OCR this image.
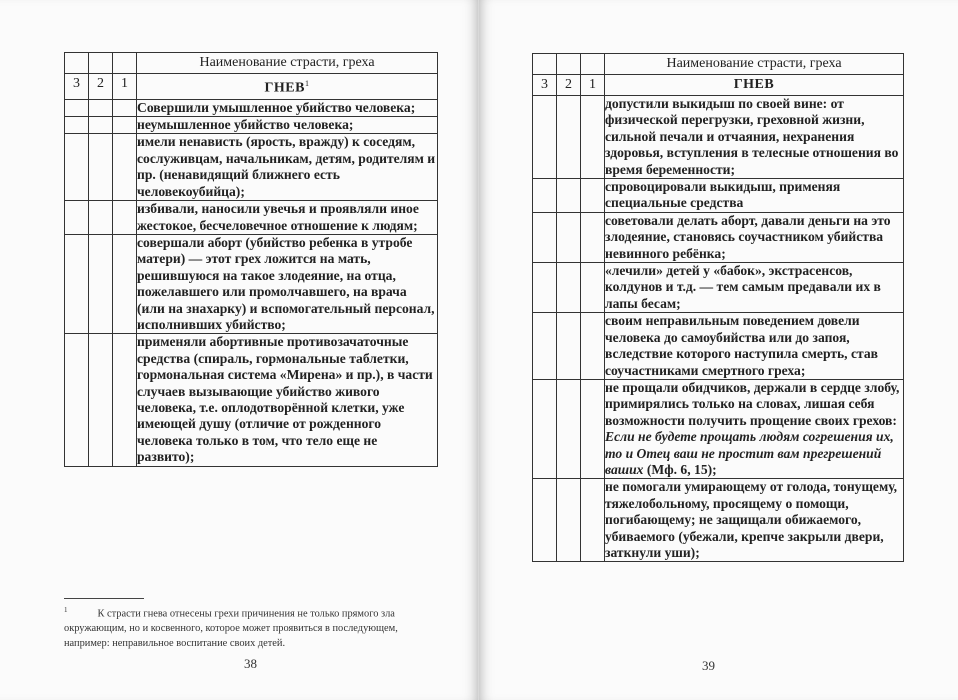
			Наименование страсти, греха
3	2	1	ГНЕВ$^1$
			Совершили умышленное убийство человека;
			неумышленное убийство человека;
			имели ненависть (ярость, вражду) к соседям, сослуживцам, начальникам, детям, родителям и пр. (ненавидящий ближнего есть человекоубийца);
			избивали, наносили увечья и проявляли иное жестокое, бесчеловечное отношение к людям;
			совершали аборт (убийство ребенка в утробе матери) — этот грех ложится на мать, решившуюся на такое злодеяние, на отца, пожелавшего или промолчавшего, на врача (или на знахарку) и вспомогательный персонал, исполнивших убийство;
			применяли абортивные противозачаточные средства (спираль, гормональные таблетки, гормональная система «Мирена» и пр.), в части случаев вызывающие убийство живого человека, т.е. оплодотворённой клетки, уже имеющей душу (отличие от рожденного человека только в том, что тело еще не развито);
$^1$	К страсти гнева отнесены грехи причинения не только прямого зла окружающим, но и косвенного, которое может проявиться в последующем, например: неправильное воспитание своих детей.
38
			Наименование страсти, греха
3	2	1	ГНЕВ
			допустили выкидыш по своей вине: от физической перегрузки, греховной жизни, сильной печали и отчаяния, нехранения здоровья, вступления в телесные отношения во время беременности;
			спровоцировали выкидыш, применяя специальные средства
			советовали делать аборт, давали деньги на это злодеяние, становясь соучастником убийства невинного ребёнка;
			«лечили» детей у «бабок», экстрасенсов, колдунов и т.д. — тем самым предавали их в лапы бесам;
			своим неправильным поведением довели человека до самоубийства или до запоя, вследствие которого наступила смерть, став соучастниками смертного греха;
			не прощали обидчиков, держали в сердце злобу, примирялись только на словах, лишая себя возможности получить прощение своих грехов: Если не будете прощать людям согрешения их, то и Отец ваш не простит вам прегрешений ваших (Мф. 6, 15);
			не помогали умирающему от голода, тонущему, тяжелобольному, просящему о помощи, погибающему; не защищали обижаемого, убиваемого (убежали, крепче закрыли двери, заткнули уши);
39
